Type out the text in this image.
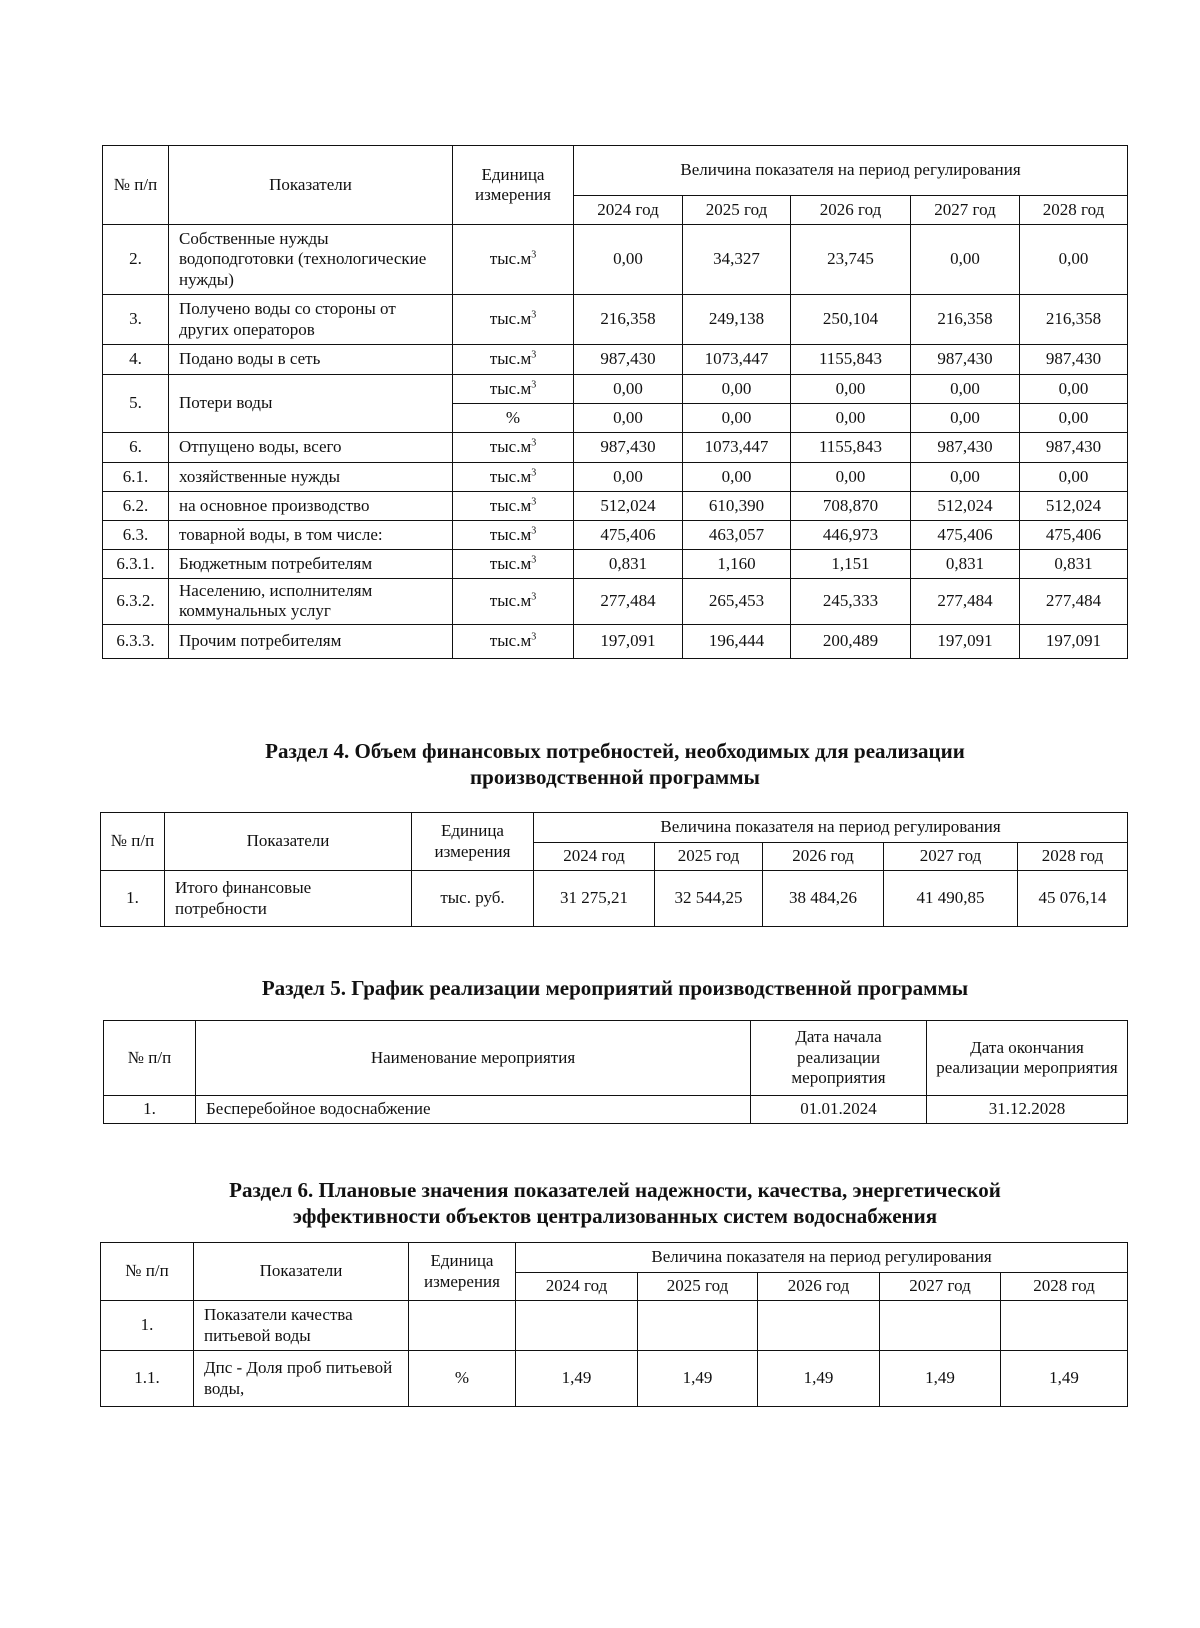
№ п/п	Показатели	Единица измерения	Величина показателя на период регулирования				
			2024 год	2025 год	2026 год	2027 год	2028 год
2.	Собственные нужды водоподготовки (технологические нужды)	$тыс.м^3$	0,00	34,327	23,745	0,00	0,00
3.	Получено воды со стороны от других операторов	$тыс.м^3$	216,358	249,138	250,104	216,358	216,358
4.	Подано воды в сеть	$тыс.м^3$	987,430	1073,447	1155,843	987,430	987,430
5.	Потери воды	$тыс.м^3$	0,00	0,00	0,00	0,00	0,00
		%	0,00	0,00	0,00	0,00	0,00
6.	Отпущено воды, всего	$тыс.м^3$	987,430	1073,447	1155,843	987,430	987,430
6.1.	хозяйственные нужды	$тыс.м^3$	0,00	0,00	0,00	0,00	0,00
6.2.	на основное производство	$тыс.м^3$	512,024	610,390	708,870	512,024	512,024
6.3.	товарной воды, в том числе:	$тыс.м^3$	475,406	463,057	446,973	475,406	475,406
6.3.1.	Бюджетным потребителям	$тыс.м^3$	0,831	1,160	1,151	0,831	0,831
6.3.2.	Населению, исполнителям коммунальных услуг	$тыс.м^3$	277,484	265,453	245,333	277,484	277,484
6.3.3.	Прочим потребителям	$тыс.м^3$	197,091	196,444	200,489	197,091	197,091
Раздел 4. Объем финансовых потребностей, необходимых для реализации
производственной программы
№ п/п	Показатели	Единица измерения	Величина показателя на период регулирования				
			2024 год	2025 год	2026 год	2027 год	2028 год
1.	Итого финансовые потребности	тыс. руб.	31 275,21	32 544,25	38 484,26	41 490,85	45 076,14
Раздел 5. График реализации мероприятий производственной программы
№ п/п	Наименование мероприятия	Дата начала реализации мероприятия	Дата окончания реализации мероприятия
1.	Бесперебойное водоснабжение	01.01.2024	31.12.2028
Раздел 6. Плановые значения показателей надежности, качества, энергетической
эффективности объектов централизованных систем водоснабжения
№ п/п	Показатели	Единица измерения	Величина показателя на период регулирования				
			2024 год	2025 год	2026 год	2027 год	2028 год
1.	Показатели качества питьевой воды						
1.1.	Дпс - Доля проб питьевой воды,	%	1,49	1,49	1,49	1,49	1,49
